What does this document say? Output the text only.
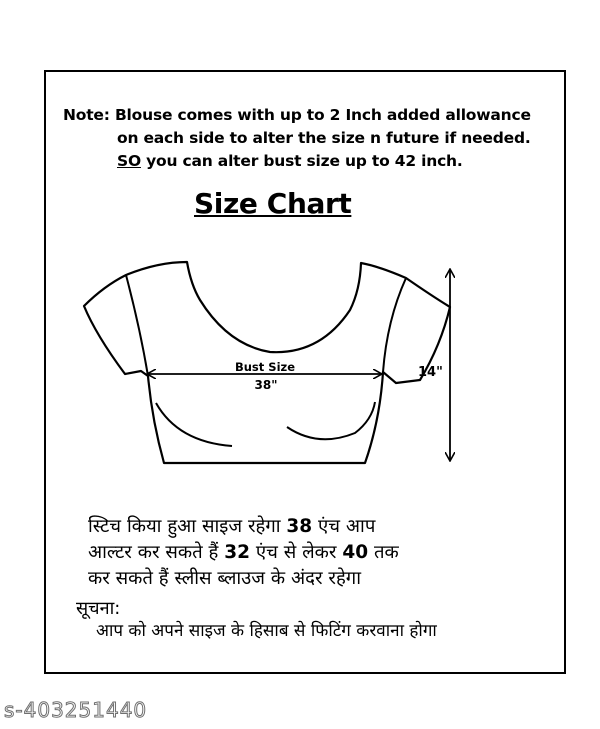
Note: Blouse comes with up to 2 Inch added allowance
on each side to alter the size n future if needed.
SO you can alter bust size up to 42 inch.
Size Chart
Bust Size
38"
14"
स्टिच किया हुआ साइज रहेगा 38 एंच आप
आल्टर कर सकते हैं 32 एंच से लेकर 40 तक
कर सकते हैं स्लीस ब्लाउज के अंदर रहेगा
सूचना:
आप को अपने साइज के हिसाब से फिटिंग करवाना होगा
s-403251440
